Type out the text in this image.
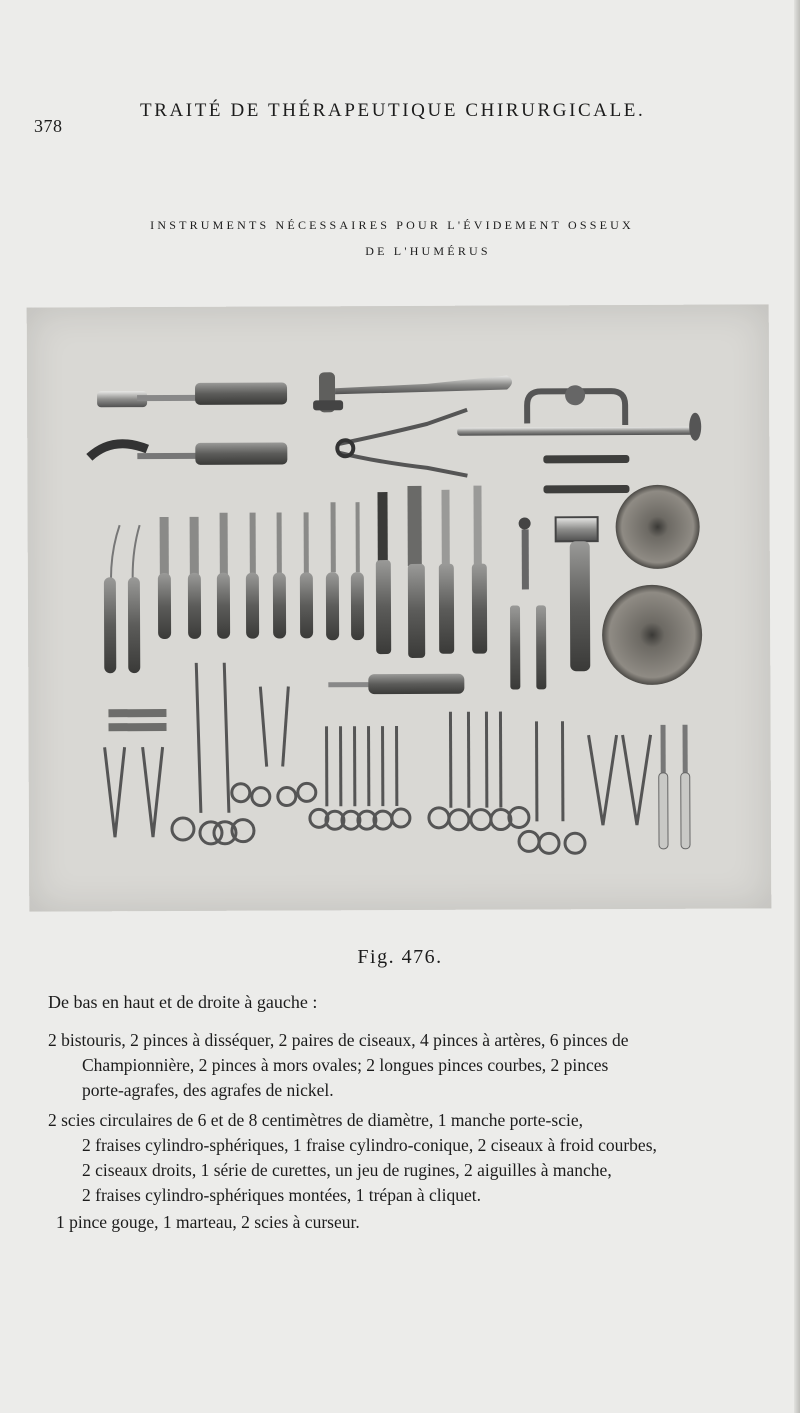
378
TRAITÉ DE THÉRAPEUTIQUE CHIRURGICALE.
INSTRUMENTS NÉCESSAIRES POUR L'ÉVIDEMENT OSSEUX
DE L'HUMÉRUS
Fig. 476.
De bas en haut et de droite à gauche :
2 bistouris, 2 pinces à disséquer, 2 paires de ciseaux, 4 pinces à artères, 6 pinces de
Championnière, 2 pinces à mors ovales; 2 longues pinces courbes, 2 pinces
porte-agrafes, des agrafes de nickel.
2 scies circulaires de 6 et de 8 centimètres de diamètre, 1 manche porte-scie,
2 fraises cylindro-sphériques, 1 fraise cylindro-conique, 2 ciseaux à froid courbes,
2 ciseaux droits, 1 série de curettes, un jeu de rugines, 2 aiguilles à manche,
2 fraises cylindro-sphériques montées, 1 trépan à cliquet.
1 pince gouge, 1 marteau, 2 scies à curseur.
